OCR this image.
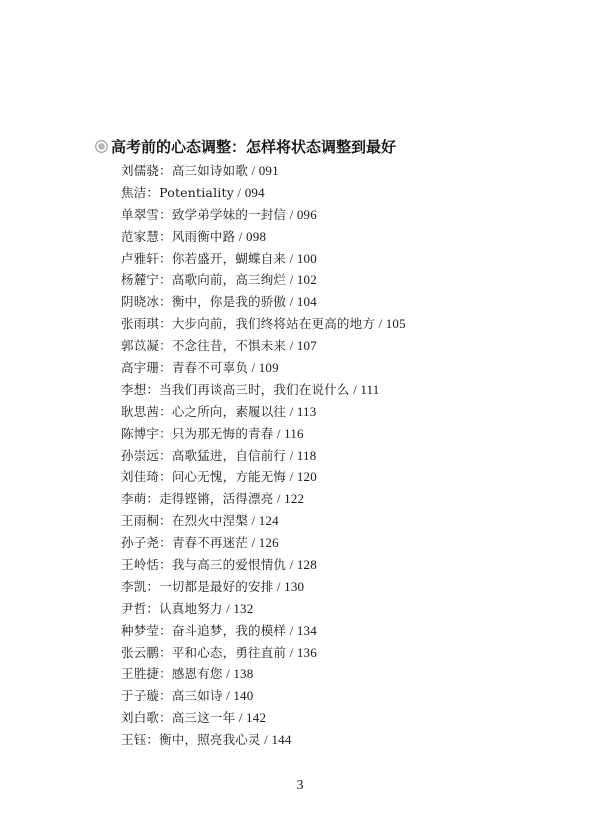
高考前的心态调整：怎样将状态调整到最好
刘儒骁：高三如诗如歌 / 091
焦洁：Potentiality / 094
单翠雪：致学弟学妹的一封信 / 096
范家慧：风雨衡中路 / 098
卢雅轩：你若盛开，蝴蝶自来 / 100
杨麓宁：高歌向前，高三绚烂 / 102
阴晓冰：衡中，你是我的骄傲 / 104
张雨琪：大步向前，我们终将站在更高的地方 / 105
郭苡凝：不念往昔，不惧未来 / 107
高宇珊：青春不可辜负 / 109
李想：当我们再谈高三时，我们在说什么 / 111
耿思茜：心之所向，素履以往 / 113
陈博宇：只为那无悔的青春 / 116
孙崇远：高歌猛进，自信前行 / 118
刘佳琦：问心无愧，方能无悔 / 120
李萌：走得铿锵，活得漂亮 / 122
王雨桐：在烈火中涅槃 / 124
孙子尧：青春不再迷茫 / 126
王岭恬：我与高三的爱恨情仇 / 128
李凯：一切都是最好的安排 / 130
尹哲：认真地努力 / 132
种梦莹：奋斗追梦，我的模样 / 134
张云鹏：平和心态，勇往直前 / 136
王胜捷：感恩有您 / 138
于子璇：高三如诗 / 140
刘白歌：高三这一年 / 142
王钰：衡中，照亮我心灵 / 144
3
